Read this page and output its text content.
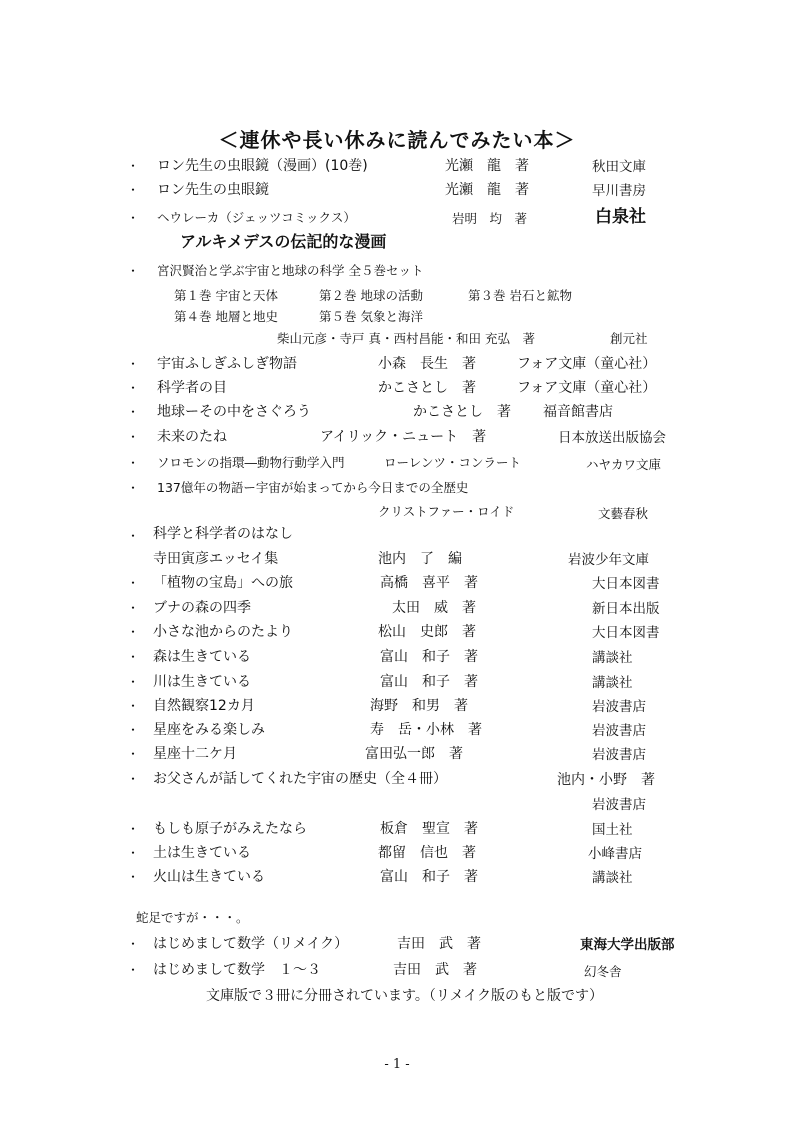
＜連休や長い休みに読んでみたい本＞
・ ロン先生の虫眼鏡（漫画）(10巻)	光瀬　龍　著	秋田文庫
・ ロン先生の虫眼鏡	光瀬　龍　著	早川書房
・ ヘウレーカ（ジェッツコミックス）	岩明　均　著	白泉社
アルキメデスの伝記的な漫画
・ 宮沢賢治と学ぶ宇宙と地球の科学 全５巻セット
第１巻 宇宙と天体	第２巻 地球の活動	第３巻 岩石と鉱物
第４巻 地層と地史	第５巻 気象と海洋
柴山元彦・寺戸 真・西村昌能・和田 充弘　著	創元社
・ 宇宙ふしぎふしぎ物語	小森　長生　著	フォア文庫（童心社）
・ 科学者の目	かこさとし　著	フォア文庫（童心社）
・ 地球ーその中をさぐろう	かこさとし　著 福音館書店
・ 未来のたね	アイリック・ニュート　著	日本放送出版協会
・ ソロモンの指環―動物行動学入門	ローレンツ・コンラート	ハヤカワ文庫
・ 137億年の物語ー宇宙が始まってから今日までの全歴史
クリストファー・ロイド	文藝春秋
・ 科学と科学者のはなし
寺田寅彦エッセイ集	池内　了　編	岩波少年文庫
・ 「植物の宝島」への旅	高橋　喜平　著	大日本図書
・ ブナの森の四季	太田　威　著	新日本出版
・ 小さな池からのたより	松山　史郎　著	大日本図書
・ 森は生きている	富山　和子　著	講談社
・ 川は生きている	富山　和子　著	講談社
・ 自然観察12カ月	海野　和男　著	岩波書店
・ 星座をみる楽しみ	寿　岳・小林　著	岩波書店
・ 星座十二ケ月	富田弘一郎　著	岩波書店
・ お父さんが話してくれた宇宙の歴史（全４冊）	池内・小野　著
岩波書店
・ もしも原子がみえたなら	板倉　聖宣　著	国土社
・ 土は生きている	都留　信也　著	小峰書店
・ 火山は生きている	富山　和子　著	講談社
蛇足ですが・・・。
・ はじめまして数学（リメイク）	吉田　武　著	東海大学出版部
・ はじめまして数学　１～３	吉田　武　著	幻冬舎
文庫版で３冊に分冊されています。（リメイク版のもと版です）
- 1 -
